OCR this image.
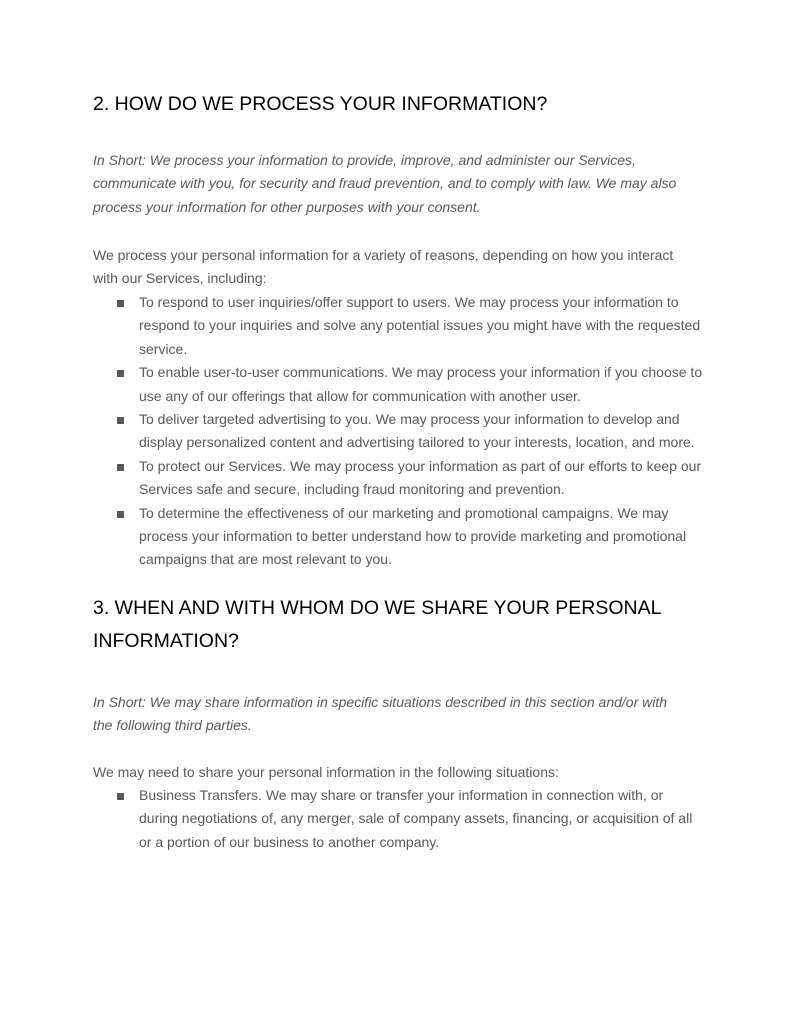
2. HOW DO WE PROCESS YOUR INFORMATION?

In Short: We process your information to provide, improve, and administer our Services, communicate with you, for security and fraud prevention, and to comply with law. We may also process your information for other purposes with your consent.

We process your personal information for a variety of reasons, depending on how you interact with our Services, including:

To respond to user inquiries/offer support to users. We may process your information to respond to your inquiries and solve any potential issues you might have with the requested service.
To enable user-to-user communications. We may process your information if you choose to use any of our offerings that allow for communication with another user.
To deliver targeted advertising to you. We may process your information to develop and display personalized content and advertising tailored to your interests, location, and more.
To protect our Services. We may process your information as part of our efforts to keep our Services safe and secure, including fraud monitoring and prevention.
To determine the effectiveness of our marketing and promotional campaigns. We may process your information to better understand how to provide marketing and promotional campaigns that are most relevant to you.
3. WHEN AND WITH WHOM DO WE SHARE YOUR PERSONAL INFORMATION?

In Short: We may share information in specific situations described in this section and/or with the following third parties.

We may need to share your personal information in the following situations:

Business Transfers. We may share or transfer your information in connection with, or during negotiations of, any merger, sale of company assets, financing, or acquisition of all or a portion of our business to another company.
